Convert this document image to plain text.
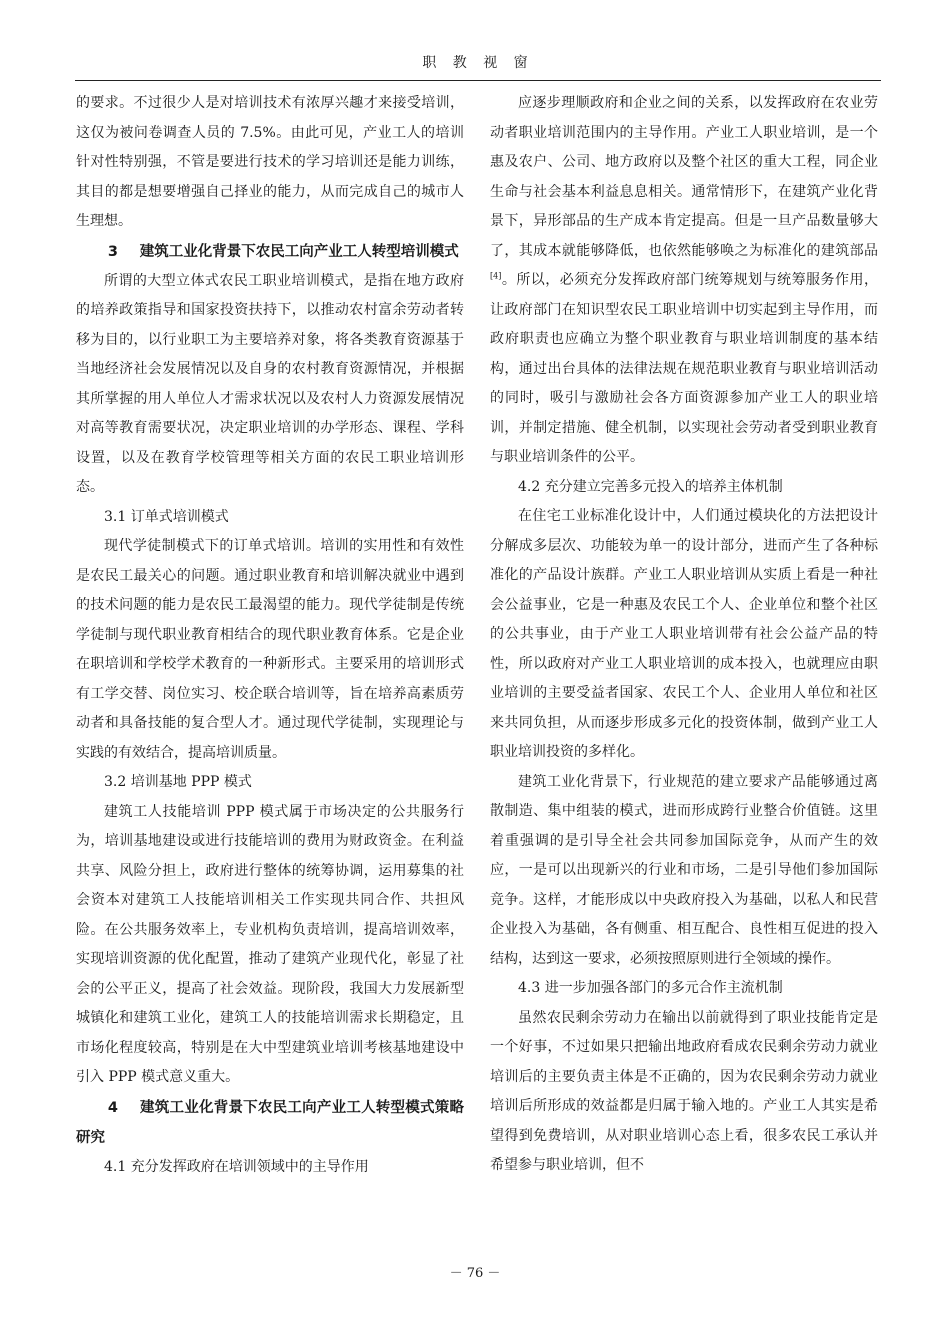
职 教 视 窗

的要求。不过很少人是对培训技术有浓厚兴趣才来接受培训，这仅为被问卷调查人员的 7.5%。由此可见，产业工人的培训针对性特别强，不管是要进行技术的学习培训还是能力训练，其目的都是想要增强自己择业的能力，从而完成自己的城市人生理想。

3 建筑工业化背景下农民工向产业工人转型培训模式

所谓的大型立体式农民工职业培训模式，是指在地方政府的培养政策指导和国家投资扶持下，以推动农村富余劳动者转移为目的，以行业职工为主要培养对象，将各类教育资源基于当地经济社会发展情况以及自身的农村教育资源情况，并根据其所掌握的用人单位人才需求状况以及农村人力资源发展情况对高等教育需要状况，决定职业培训的办学形态、课程、学科设置，以及在教育学校管理等相关方面的农民工职业培训形态。

3.1 订单式培训模式

现代学徒制模式下的订单式培训。培训的实用性和有效性是农民工最关心的问题。通过职业教育和培训解决就业中遇到的技术问题的能力是农民工最渴望的能力。现代学徒制是传统学徒制与现代职业教育相结合的现代职业教育体系。它是企业在职培训和学校学术教育的一种新形式。主要采用的培训形式有工学交替、岗位实习、校企联合培训等，旨在培养高素质劳动者和具备技能的复合型人才。通过现代学徒制，实现理论与实践的有效结合，提高培训质量。

3.2 培训基地 PPP 模式

建筑工人技能培训 PPP 模式属于市场决定的公共服务行为，培训基地建设或进行技能培训的费用为财政资金。在利益共享、风险分担上，政府进行整体的统筹协调，运用募集的社会资本对建筑工人技能培训相关工作实现共同合作、共担风险。在公共服务效率上，专业机构负责培训，提高培训效率，实现培训资源的优化配置，推动了建筑产业现代化，彰显了社会的公平正义，提高了社会效益。现阶段，我国大力发展新型城镇化和建筑工业化，建筑工人的技能培训需求长期稳定，且市场化程度较高，特别是在大中型建筑业培训考核基地建设中引入 PPP 模式意义重大。

4 建筑工业化背景下农民工向产业工人转型模式策略研究
4.1 充分发挥政府在培训领域中的主导作用

应逐步理顺政府和企业之间的关系，以发挥政府在农业劳动者职业培训范围内的主导作用。产业工人职业培训，是一个惠及农户、公司、地方政府以及整个社区的重大工程，同企业生命与社会基本利益息息相关。通常情形下，在建筑产业化背景下，异形部品的生产成本肯定提高。但是一旦产品数量够大了，其成本就能够降低，也依然能够唤之为标准化的建筑部品[4]。所以，必须充分发挥政府部门统筹规划与统筹服务作用，让政府部门在知识型农民工职业培训中切实起到主导作用，而政府职责也应确立为整个职业教育与职业培训制度的基本结构，通过出台具体的法律法规在规范职业教育与职业培训活动的同时，吸引与激励社会各方面资源参加产业工人的职业培训，并制定措施、健全机制，以实现社会劳动者受到职业教育与职业培训条件的公平。

4.2 充分建立完善多元投入的培养主体机制

在住宅工业标准化设计中，人们通过模块化的方法把设计分解成多层次、功能较为单一的设计部分，进而产生了各种标准化的产品设计族群。产业工人职业培训从实质上看是一种社会公益事业，它是一种惠及农民工个人、企业单位和整个社区的公共事业，由于产业工人职业培训带有社会公益产品的特性，所以政府对产业工人职业培训的成本投入，也就理应由职业培训的主要受益者国家、农民工个人、企业用人单位和社区来共同负担，从而逐步形成多元化的投资体制，做到产业工人职业培训投资的多样化。

建筑工业化背景下，行业规范的建立要求产品能够通过离散制造、集中组装的模式，进而形成跨行业整合价值链。这里着重强调的是引导全社会共同参加国际竞争，从而产生的效应，一是可以出现新兴的行业和市场，二是引导他们参加国际竞争。这样，才能形成以中央政府投入为基础，以私人和民营企业投入为基础，各有侧重、相互配合、良性相互促进的投入结构，达到这一要求，必须按照原则进行全领域的操作。

4.3 进一步加强各部门的多元合作主流机制

虽然农民剩余劳动力在输出以前就得到了职业技能肯定是一个好事，不过如果只把输出地政府看成农民剩余劳动力就业培训后的主要负责主体是不正确的，因为农民剩余劳动力就业培训后所形成的效益都是归属于输入地的。产业工人其实是希望得到免费培训，从对职业培训心态上看，很多农民工承认并希望参与职业培训，但不

－ 76 －
